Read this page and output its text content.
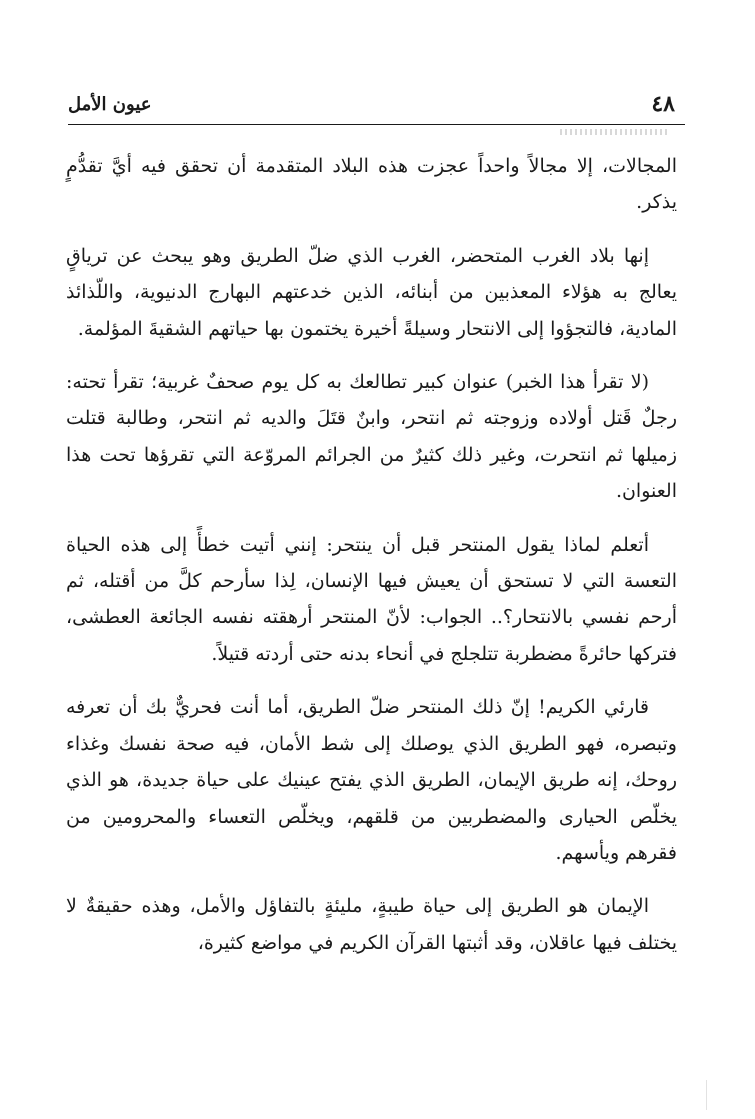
٤٨
عيون الأمل

المجالات، إلا مجالاً واحداً عجزت هذه البلاد المتقدمة أن تحقق فيه أيَّ تقدُّمٍ يذكر.

إنها بلاد الغرب المتحضر، الغرب الذي ضلّ الطريق وهو يبحث عن ترياقٍ يعالج به هؤلاء المعذبين من أبنائه، الذين خدعتهم البهارج الدنيوية، واللّذائذ المادية، فالتجؤوا إلى الانتحار وسيلةً أخيرة يختمون بها حياتهم الشقيةَ المؤلمة.

(لا تقرأ هذا الخبر) عنوان كبير تطالعك به كل يوم صحفٌ غربية؛ تقرأ تحته: رجلٌ قَتل أولاده وزوجته ثم انتحر، وابنٌ قتَلَ والديه ثم انتحر، وطالبة قتلت زميلها ثم انتحرت، وغير ذلك كثيرٌ من الجرائم المروّعة التي تقرؤها تحت هذا العنوان.

أتعلم لماذا يقول المنتحر قبل أن ينتحر: إنني أتيت خطأً إلى هذه الحياة التعسة التي لا تستحق أن يعيش فيها الإنسان، لِذا سأرحم كلَّ من أقتله، ثم أرحم نفسي بالانتحار؟.. الجواب: لأنّ المنتحر أرهقته نفسه الجائعة العطشى، فتركها حائرةً مضطربة تتلجلج في أنحاء بدنه حتى أردته قتيلاً.

قارئي الكريم! إنّ ذلك المنتحر ضلّ الطريق، أما أنت فحريٌّ بك أن تعرفه وتبصره، فهو الطريق الذي يوصلك إلى شط الأمان، فيه صحة نفسك وغذاء روحك، إنه طريق الإيمان، الطريق الذي يفتح عينيك على حياة جديدة، هو الذي يخلّص الحيارى والمضطربين من قلقهم، ويخلّص التعساء والمحرومين من فقرهم ويأسهم.

الإيمان هو الطريق إلى حياة طيبةٍ، مليئةٍ بالتفاؤل والأمل، وهذه حقيقةٌ لا يختلف فيها عاقلان، وقد أثبتها القرآن الكريم في مواضع كثيرة،
